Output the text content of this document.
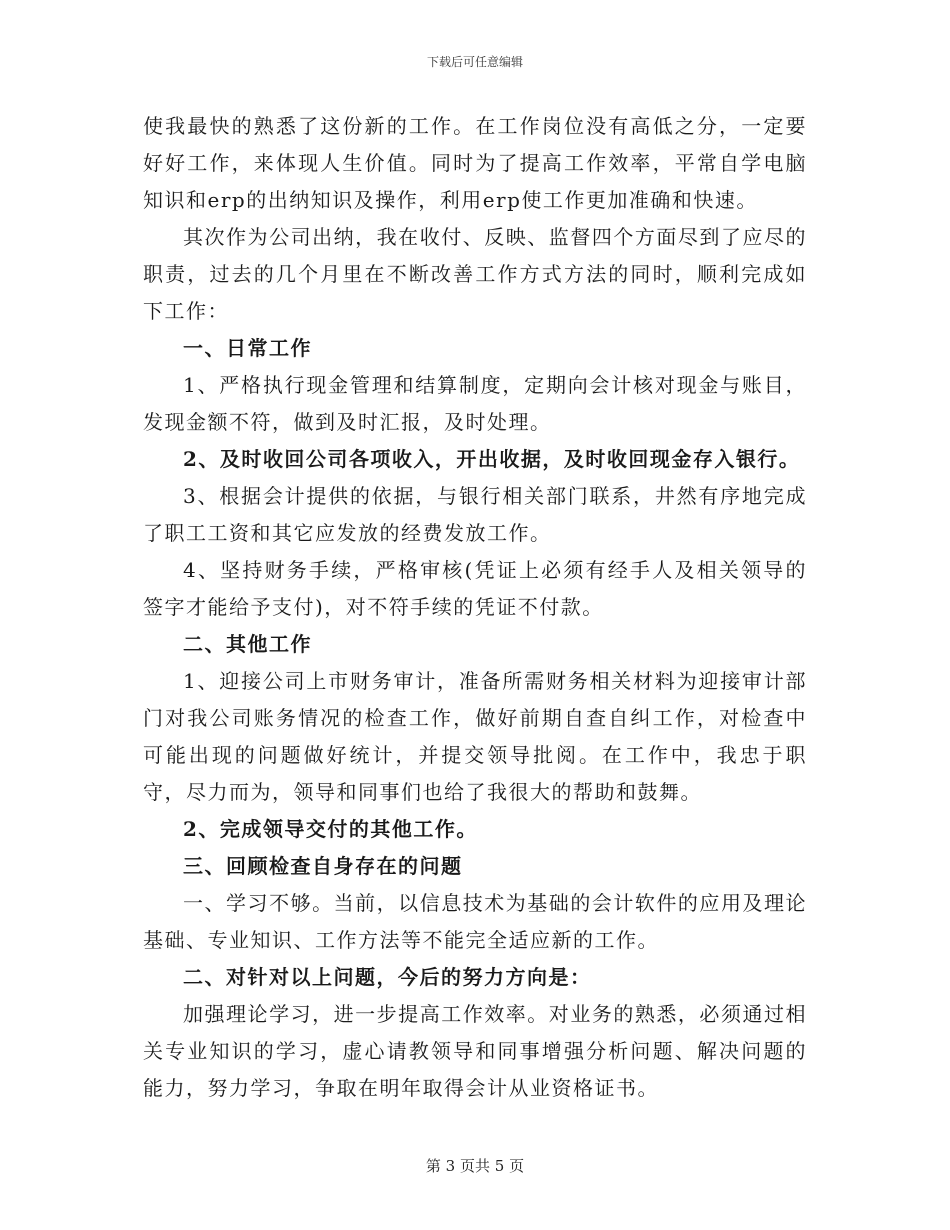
下载后可任意编辑

使我最快的熟悉了这份新的工作。在工作岗位没有高低之分，一定要好好工作，来体现人生价值。同时为了提高工作效率，平常自学电脑知识和erp的出纳知识及操作，利用erp使工作更加准确和快速。

其次作为公司出纳，我在收付、反映、监督四个方面尽到了应尽的职责，过去的几个月里在不断改善工作方式方法的同时，顺利完成如下工作：

一、日常工作

1、严格执行现金管理和结算制度，定期向会计核对现金与账目，发现金额不符，做到及时汇报，及时处理。

2、及时收回公司各项收入，开出收据，及时收回现金存入银行。

3、根据会计提供的依据，与银行相关部门联系，井然有序地完成了职工工资和其它应发放的经费发放工作。

4、坚持财务手续，严格审核(凭证上必须有经手人及相关领导的签字才能给予支付)，对不符手续的凭证不付款。

二、其他工作

1、迎接公司上市财务审计，准备所需财务相关材料为迎接审计部门对我公司账务情况的检查工作，做好前期自查自纠工作，对检查中可能出现的问题做好统计，并提交领导批阅。在工作中，我忠于职守，尽力而为，领导和同事们也给了我很大的帮助和鼓舞。

2、完成领导交付的其他工作。

三、回顾检查自身存在的问题

一、学习不够。当前，以信息技术为基础的会计软件的应用及理论基础、专业知识、工作方法等不能完全适应新的工作。

二、对针对以上问题，今后的努力方向是：

加强理论学习，进一步提高工作效率。对业务的熟悉，必须通过相关专业知识的学习，虚心请教领导和同事增强分析问题、解决问题的能力，努力学习，争取在明年取得会计从业资格证书。

第 3 页共 5 页
